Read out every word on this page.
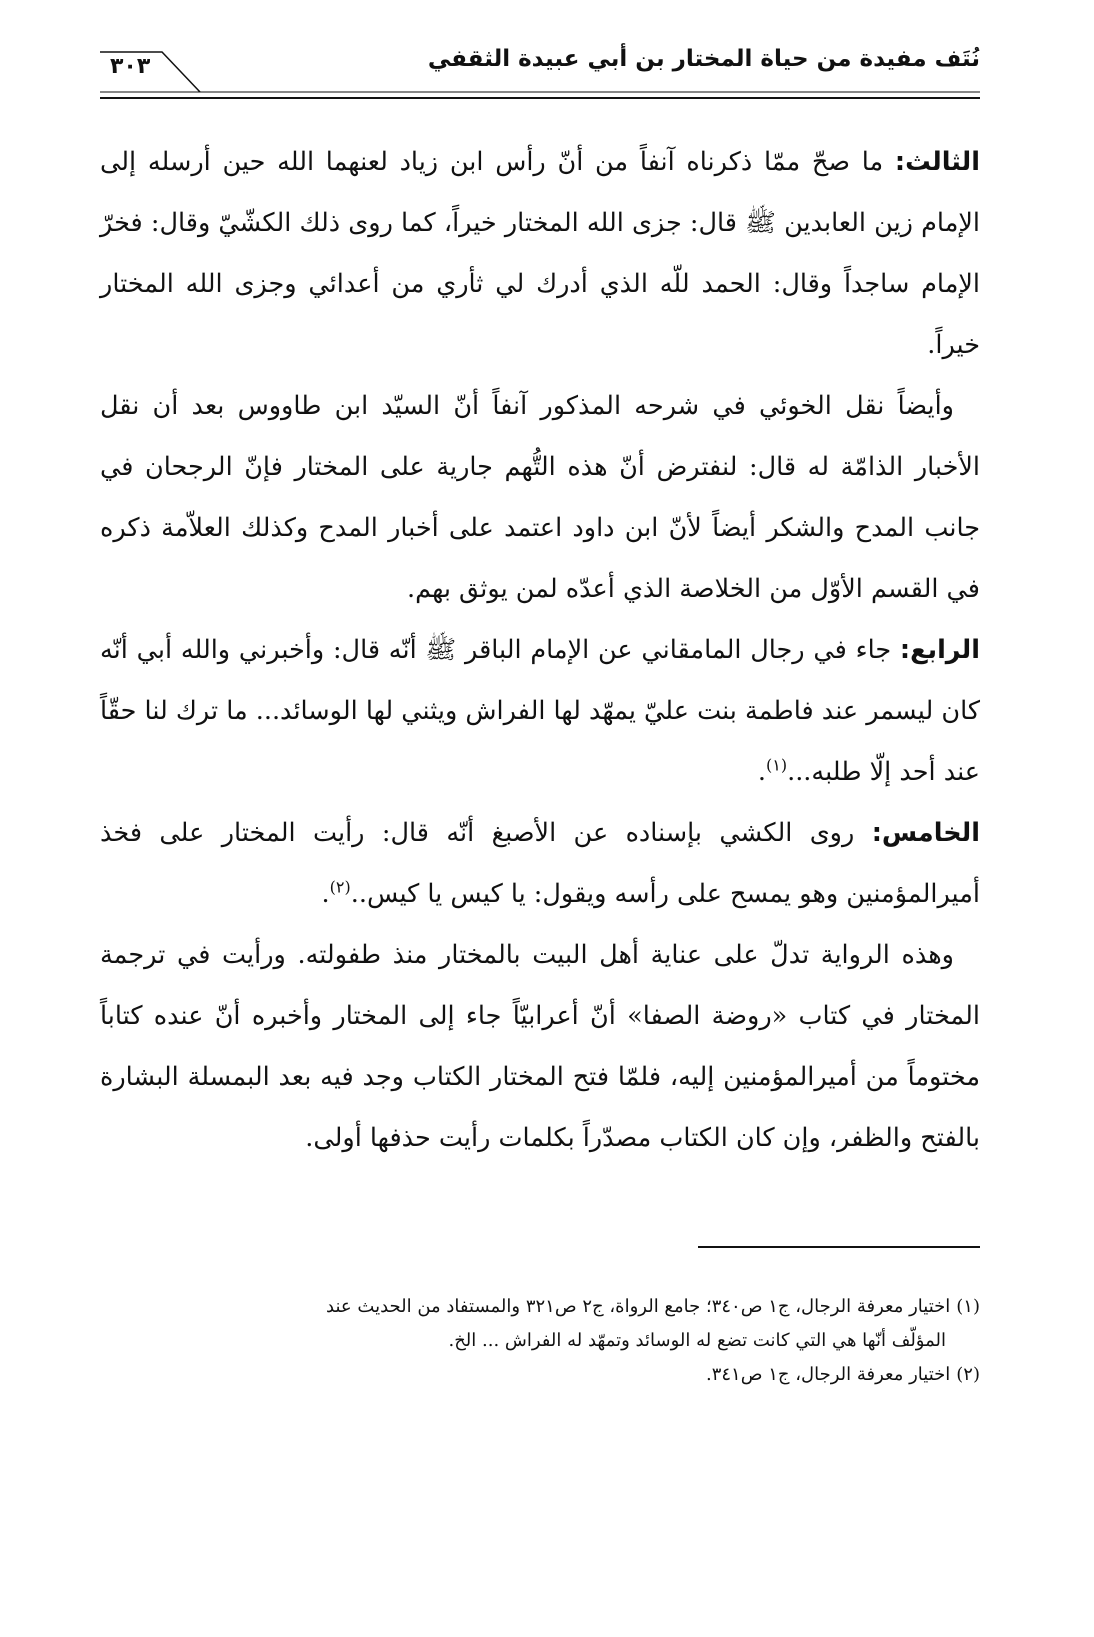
٣٠٣	نُتَف مفيدة من حياة المختار بن أبي عبيدة الثقفي

الثالث: ما صحّ ممّا ذكرناه آنفاً من أنّ رأس ابن زياد لعنهما الله حين أرسله إلى الإمام زين العابدين ﷺ قال: جزى الله المختار خيراً، كما روى ذلك الكشّيّ وقال: فخرّ الإمام ساجداً وقال: الحمد للّه الذي أدرك لي ثأري من أعدائي وجزى الله المختار خيراً.

وأيضاً نقل الخوئي في شرحه المذكور آنفاً أنّ السيّد ابن طاووس بعد أن نقل الأخبار الذامّة له قال: لنفترض أنّ هذه التُّهم جارية على المختار فإنّ الرجحان في جانب المدح والشكر أيضاً لأنّ ابن داود اعتمد على أخبار المدح وكذلك العلاّمة ذكره في القسم الأوّل من الخلاصة الذي أعدّه لمن يوثق بهم.

الرابع: جاء في رجال المامقاني عن الإمام الباقر ﷺ أنّه قال: وأخبرني والله أبي أنّه كان ليسمر عند فاطمة بنت عليّ يمهّد لها الفراش ويثني لها الوسائد... ما ترك لنا حقّاً عند أحد إلّا طلبه...$^{(١)}$.

الخامس: روى الكشي بإسناده عن الأصبغ أنّه قال: رأيت المختار على فخذ أميرالمؤمنين وهو يمسح على رأسه ويقول: يا كيس يا كيس..$^{(٢)}$.

وهذه الرواية تدلّ على عناية أهل البيت بالمختار منذ طفولته. ورأيت في ترجمة المختار في كتاب «روضة الصفا» أنّ أعرابيّاً جاء إلى المختار وأخبره أنّ عنده كتاباً مختوماً من أميرالمؤمنين إليه، فلمّا فتح المختار الكتاب وجد فيه بعد البمسلة البشارة بالفتح والظفر، وإن كان الكتاب مصدّراً بكلمات رأيت حذفها أولى.

(١)اختيار معرفة الرجال، ج١ ص٣٤٠؛ جامع الرواة، ج٢ ص٣٢١ والمستفاد من الحديث عند
المؤلّف أنّها هي التي كانت تضع له الوسائد وتمهّد له الفراش ... الخ.

(٢)اختيار معرفة الرجال، ج١ ص٣٤١.
